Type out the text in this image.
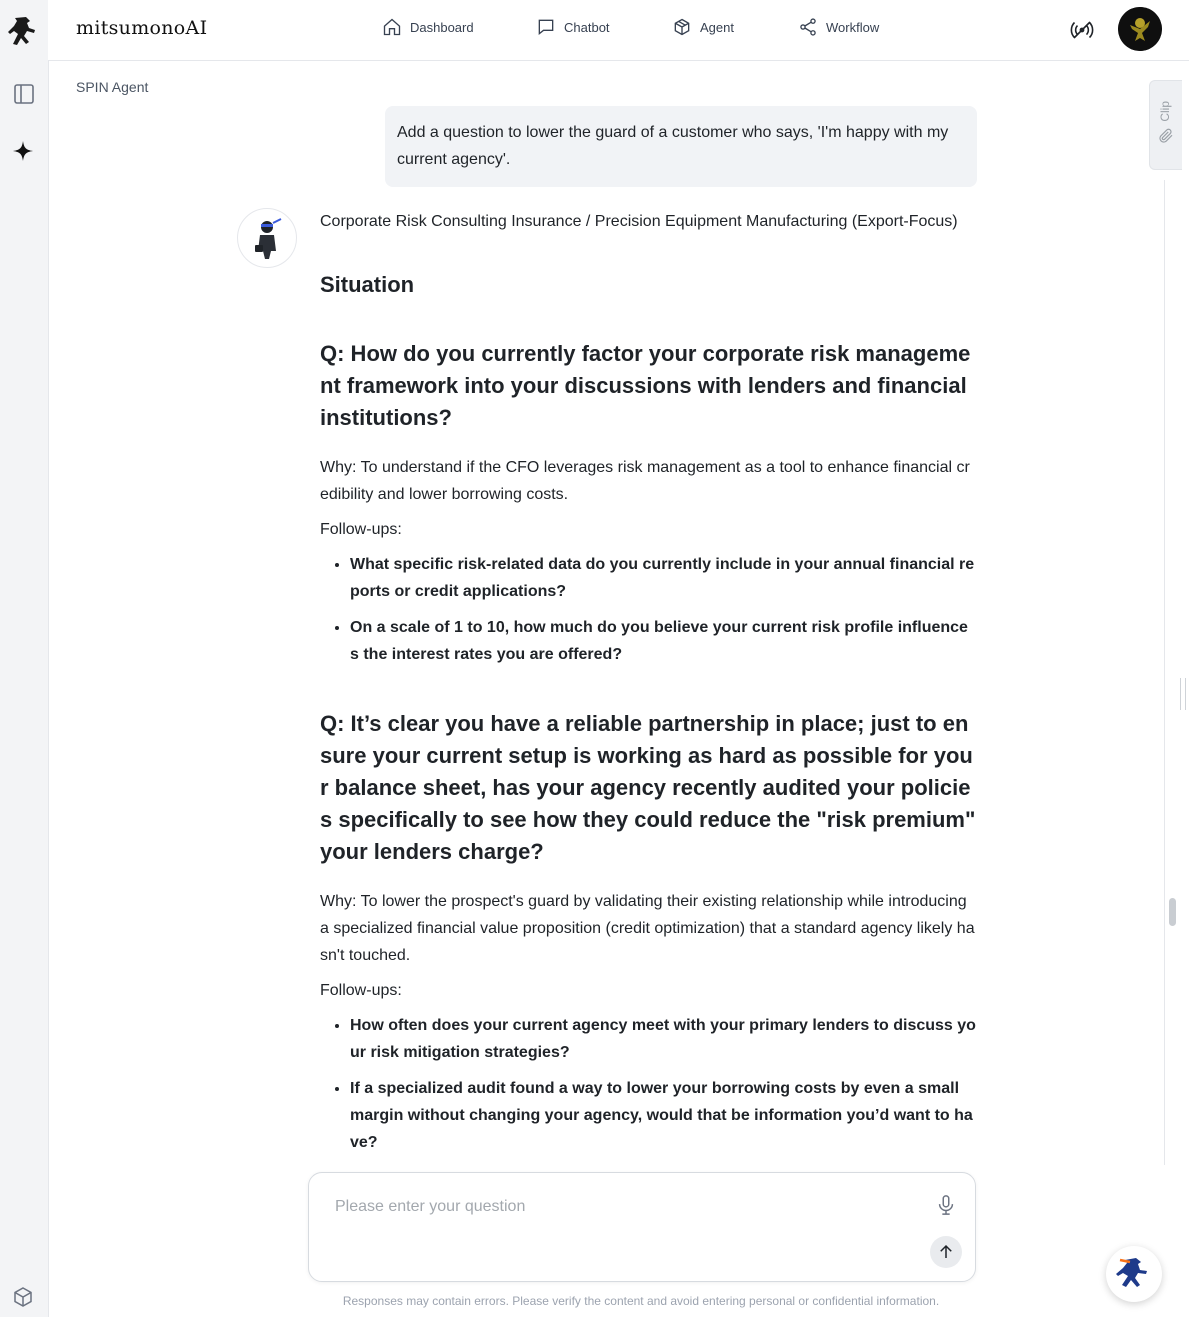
mitsumonoAI	Dashboard	Chatbot	Agent	Workflow
SPIN Agent
Clip
Add a question to lower the guard of a customer who says, 'I'm happy with my current agency'.

Corporate Risk Consulting Insurance / Precision Equipment Manufacturing (Export-Focus)

Situation
Q: How do you currently factor your corporate risk management framework into your discussions with lenders and financial institutions?

Why: To understand if the CFO leverages risk management as a tool to enhance financial credibility and lower borrowing costs.

Follow-ups:

• What specific risk-related data do you currently include in your annual financial reports or credit applications?
• On a scale of 1 to 10, how much do you believe your current risk profile influences the interest rates you are offered?
Q: It’s clear you have a reliable partnership in place; just to ensure your current setup is working as hard as possible for your balance sheet, has your agency recently audited your policies specifically to see how they could reduce the "risk premium" your lenders charge?

Why: To lower the prospect's guard by validating their existing relationship while introducing a specialized financial value proposition (credit optimization) that a standard agency likely hasn't touched.

Follow-ups:

• How often does your current agency meet with your primary lenders to discuss your risk mitigation strategies?
• If a specialized audit found a way to lower your borrowing costs by even a small margin without changing your agency, would that be information you’d want to have?
Please enter your question
Responses may contain errors. Please verify the content and avoid entering personal or confidential information.
